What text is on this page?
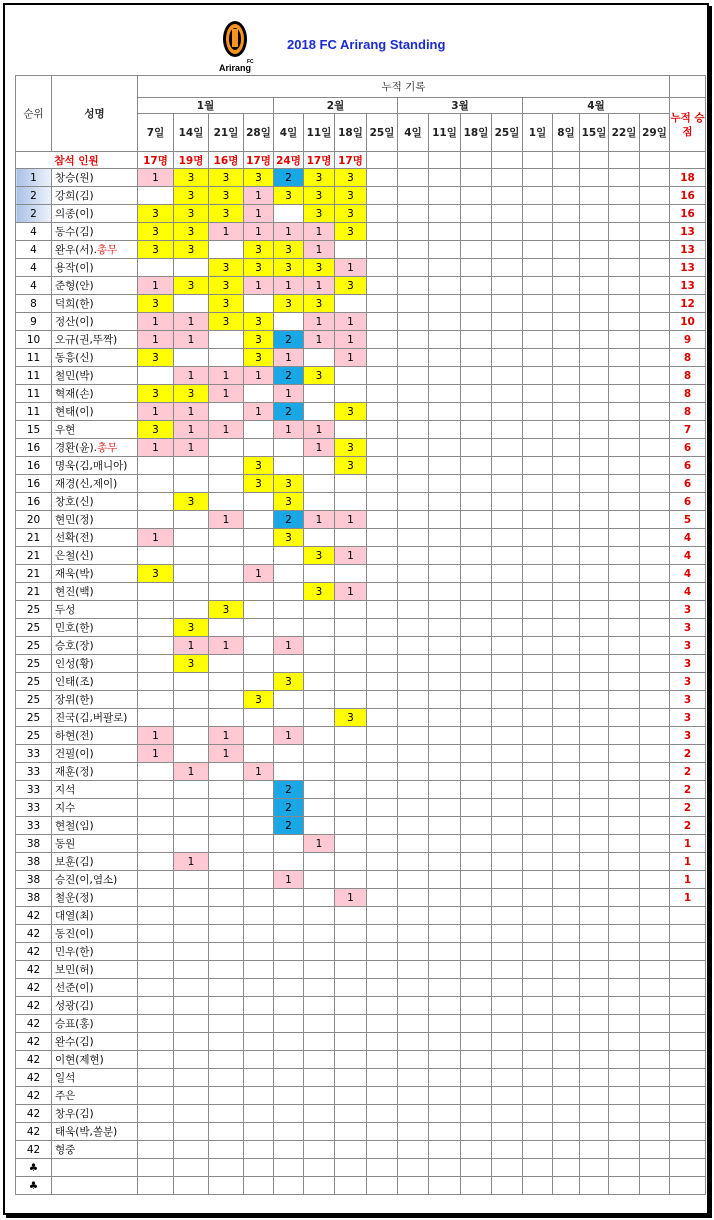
Arirang
FC
2018 FC Arirang Standing
순위	성명	누적 기록																	
		1월				2월				3월				4월					누적 승점
		7일	14일	21일	28일	4일	11일	18일	25일	4일	11일	18일	25일	1일	8일	15일	22일	29일	
참석 인원		17명	19명	16명	17명	24명	17명	17명											
1	창승(원)	1	3	3	3	2	3	3											18
2	강희(김)		3	3	1	3	3	3											16
2	의종(이)	3	3	3	1		3	3											16
4	동수(김)	3	3	1	1	1	1	3											13
4	완우(서).총무	3	3		3	3	1												13
4	용작(이)			3	3	3	3	1											13
4	준형(안)	1	3	3	1	1	1	3											13
8	덕희(한)	3		3		3	3												12
9	정산(이)	1	1	3	3		1	1											10
10	오규(권,뚜짝)	1	1		3	2	1	1											9
11	동흥(신)	3			3	1		1											8
11	철민(박)		1	1	1	2	3												8
11	혁재(손)	3	3	1		1													8
11	현태(이)	1	1		1	2		3											8
15	우현	3	1	1		1	1												7
16	경환(윤).총무	1	1				1	3											6
16	명욱(김,매니아)				3			3											6
16	재경(신,제이)				3	3													6
16	창호(신)		3			3													6
20	현민(정)			1		2	1	1											5
21	선확(전)	1				3													4
21	은철(신)						3	1											4
21	재욱(박)	3			1														4
21	현진(백)						3	1											4
25	두성			3															3
25	민호(한)		3																3
25	승호(장)		1	1		1													3
25	인성(황)		3																3
25	인태(조)					3													3
25	장위(한)				3														3
25	진국(김,버팔로)							3											3
25	하현(전)	1		1		1													3
33	건필(이)	1		1															2
33	재훈(정)		1		1														2
33	지석					2													2
33	지수					2													2
33	현철(임)					2													2
38	동원						1												1
38	보훈(김)		1																1
38	승진(이,염소)					1													1
38	철운(정)							1											1
42	대열(최)																		
42	동진(이)																		
42	민우(한)																		
42	보민(허)																		
42	선준(이)																		
42	성광(김)																		
42	승표(홍)																		
42	완수(김)																		
42	이현(제현)																		
42	일석																		
42	주은																		
42	창우(김)																		
42	태욱(박,쏠분)																		
42	형중																		
♣																			
♣																			
